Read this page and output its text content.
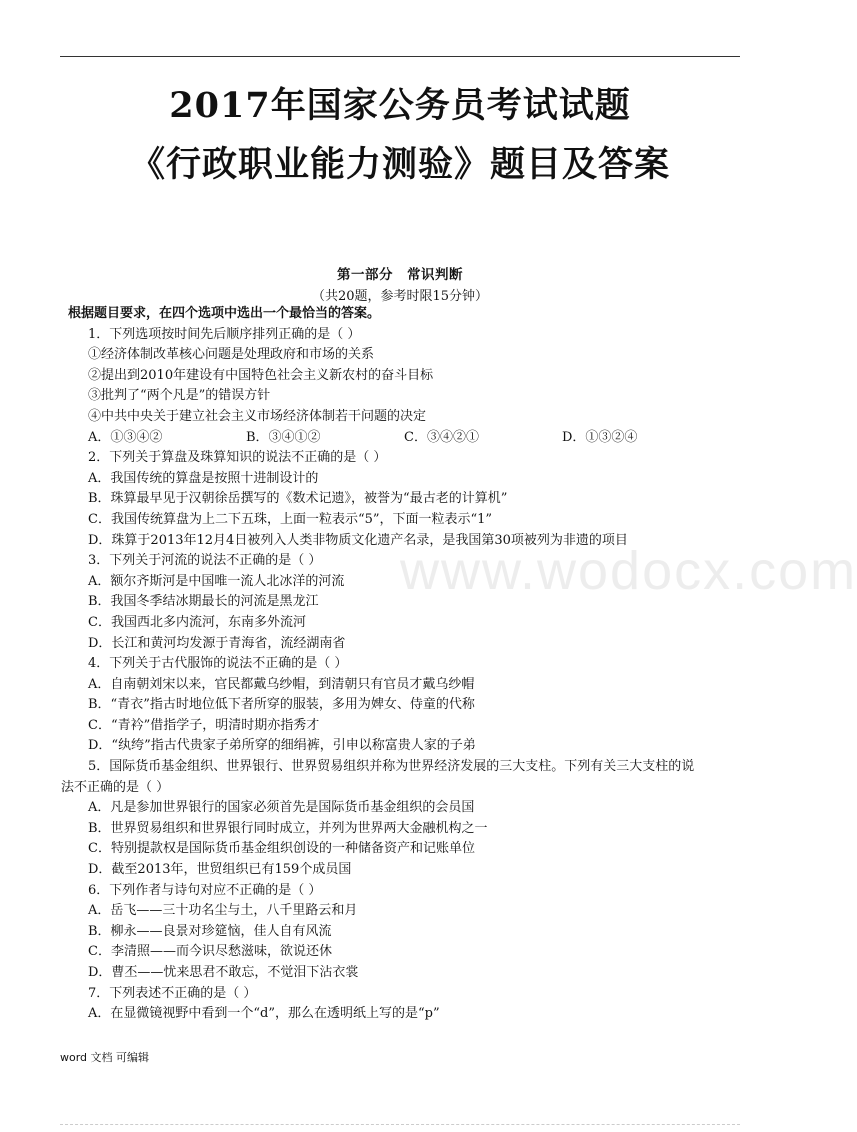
2017年国家公务员考试试题
《行政职业能力测验》题目及答案
第一部分　常识判断
（共20题，参考时限15分钟）
www.wodocx.com
根据题目要求，在四个选项中选出一个最恰当的答案。
1．下列选项按时间先后顺序排列正确的是（ ）
①经济体制改革核心问题是处理政府和市场的关系
②提出到2010年建设有中国特色社会主义新农村的奋斗目标
③批判了“两个凡是”的错误方针
④中共中央关于建立社会主义市场经济体制若干问题的决定
A．①③④②	B．③④①②	C．③④②①	D．①③②④
2．下列关于算盘及珠算知识的说法不正确的是（ ）
A．我国传统的算盘是按照十进制设计的
B．珠算最早见于汉朝徐岳撰写的《数术记遗》，被誉为“最古老的计算机”
C．我国传统算盘为上二下五珠，上面一粒表示“5”，下面一粒表示“1”
D．珠算于2013年12月4日被列入人类非物质文化遗产名录，是我国第30项被列为非遗的项目
3．下列关于河流的说法不正确的是（ ）
A．额尔齐斯河是中国唯一流人北冰洋的河流
B．我国冬季结冰期最长的河流是黑龙江
C．我国西北多内流河，东南多外流河
D．长江和黄河均发源于青海省，流经湖南省
4．下列关于古代服饰的说法不正确的是（ ）
A．自南朝刘宋以来，官民都戴乌纱帽，到清朝只有官员才戴乌纱帽
B．“青衣”指古时地位低下者所穿的服装，多用为婢女、侍童的代称
C．“青衿”借指学子，明清时期亦指秀才
D．“纨绔”指古代贵家子弟所穿的细绢裤，引申以称富贵人家的子弟
5．国际货币基金组织、世界银行、世界贸易组织并称为世界经济发展的三大支柱。下列有关三大支柱的说
法不正确的是（ ）
A．凡是参加世界银行的国家必须首先是国际货币基金组织的会员国
B．世界贸易组织和世界银行同时成立，并列为世界两大金融机构之一
C．特别提款权是国际货币基金组织创设的一种储备资产和记账单位
D．截至2013年，世贸组织已有159个成员国
6．下列作者与诗句对应不正确的是（ ）
A．岳飞——三十功名尘与土，八千里路云和月
B．柳永——良景对珍筵恼，佳人自有风流
C．李清照——而今识尽愁滋味，欲说还休
D．曹丕——忧来思君不敢忘，不觉泪下沾衣裳
7．下列表述不正确的是（ ）
A．在显微镜视野中看到一个“d”，那么在透明纸上写的是“p”
word 文档 可编辑
